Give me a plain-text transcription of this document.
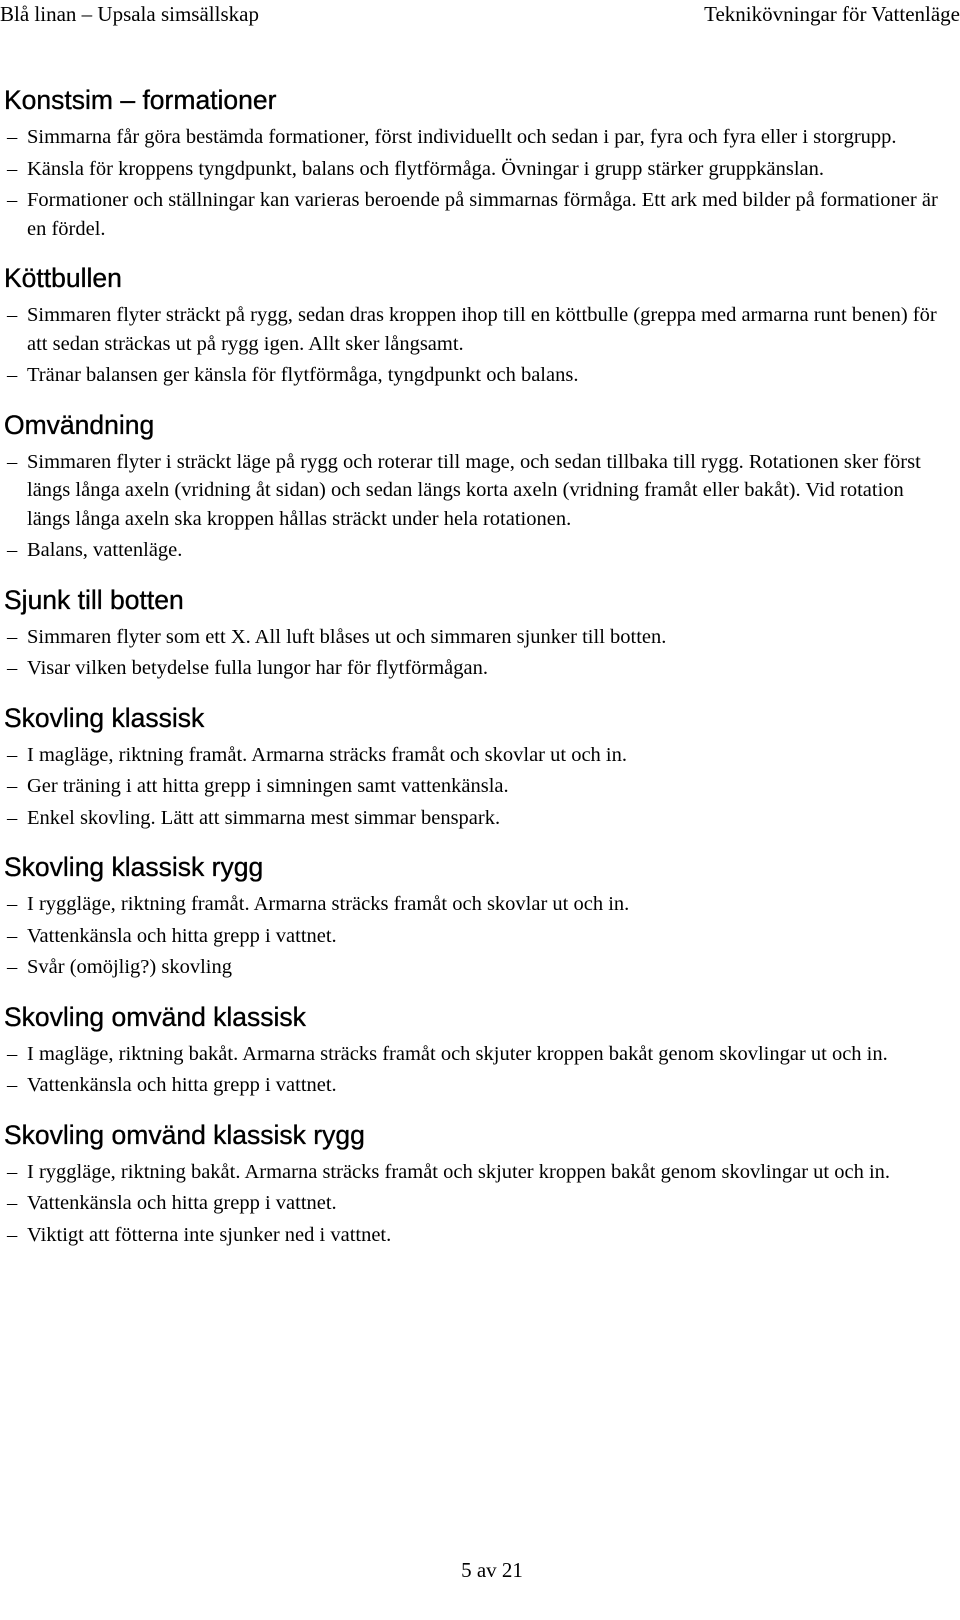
Blå linan – Upsala simsällskap	Teknikövningar för Vattenläge
Konstsim – formationer
– Simmarna får göra bestämda formationer, först individuellt och sedan i par, fyra och fyra eller i storgrupp.
– Känsla för kroppens tyngdpunkt, balans och flytförmåga. Övningar i grupp stärker gruppkänslan.
– Formationer och ställningar kan varieras beroende på simmarnas förmåga. Ett ark med bilder på formationer är en fördel.
Köttbullen
– Simmaren flyter sträckt på rygg, sedan dras kroppen ihop till en köttbulle (greppa med armarna runt benen) för att sedan sträckas ut på rygg igen. Allt sker långsamt.
– Tränar balansen ger känsla för flytförmåga, tyngdpunkt och balans.
Omvändning
– Simmaren flyter i sträckt läge på rygg och roterar till mage, och sedan tillbaka till rygg. Rotationen sker först längs långa axeln (vridning åt sidan) och sedan längs korta axeln (vridning framåt eller bakåt). Vid rotation längs långa axeln ska kroppen hållas sträckt under hela rotationen.
– Balans, vattenläge.
Sjunk till botten
– Simmaren flyter som ett X. All luft blåses ut och simmaren sjunker till botten.
– Visar vilken betydelse fulla lungor har för flytförmågan.
Skovling klassisk
– I magläge, riktning framåt. Armarna sträcks framåt och skovlar ut och in.
– Ger träning i att hitta grepp i simningen samt vattenkänsla.
– Enkel skovling. Lätt att simmarna mest simmar benspark.
Skovling klassisk rygg
– I ryggläge, riktning framåt. Armarna sträcks framåt och skovlar ut och in.
– Vattenkänsla och hitta grepp i vattnet.
– Svår (omöjlig?) skovling
Skovling omvänd klassisk
– I magläge, riktning bakåt. Armarna sträcks framåt och skjuter kroppen bakåt genom skovlingar ut och in.
– Vattenkänsla och hitta grepp i vattnet.
Skovling omvänd klassisk rygg
– I ryggläge, riktning bakåt. Armarna sträcks framåt och skjuter kroppen bakåt genom skovlingar ut och in.
– Vattenkänsla och hitta grepp i vattnet.
– Viktigt att fötterna inte sjunker ned i vattnet.
5 av 21
